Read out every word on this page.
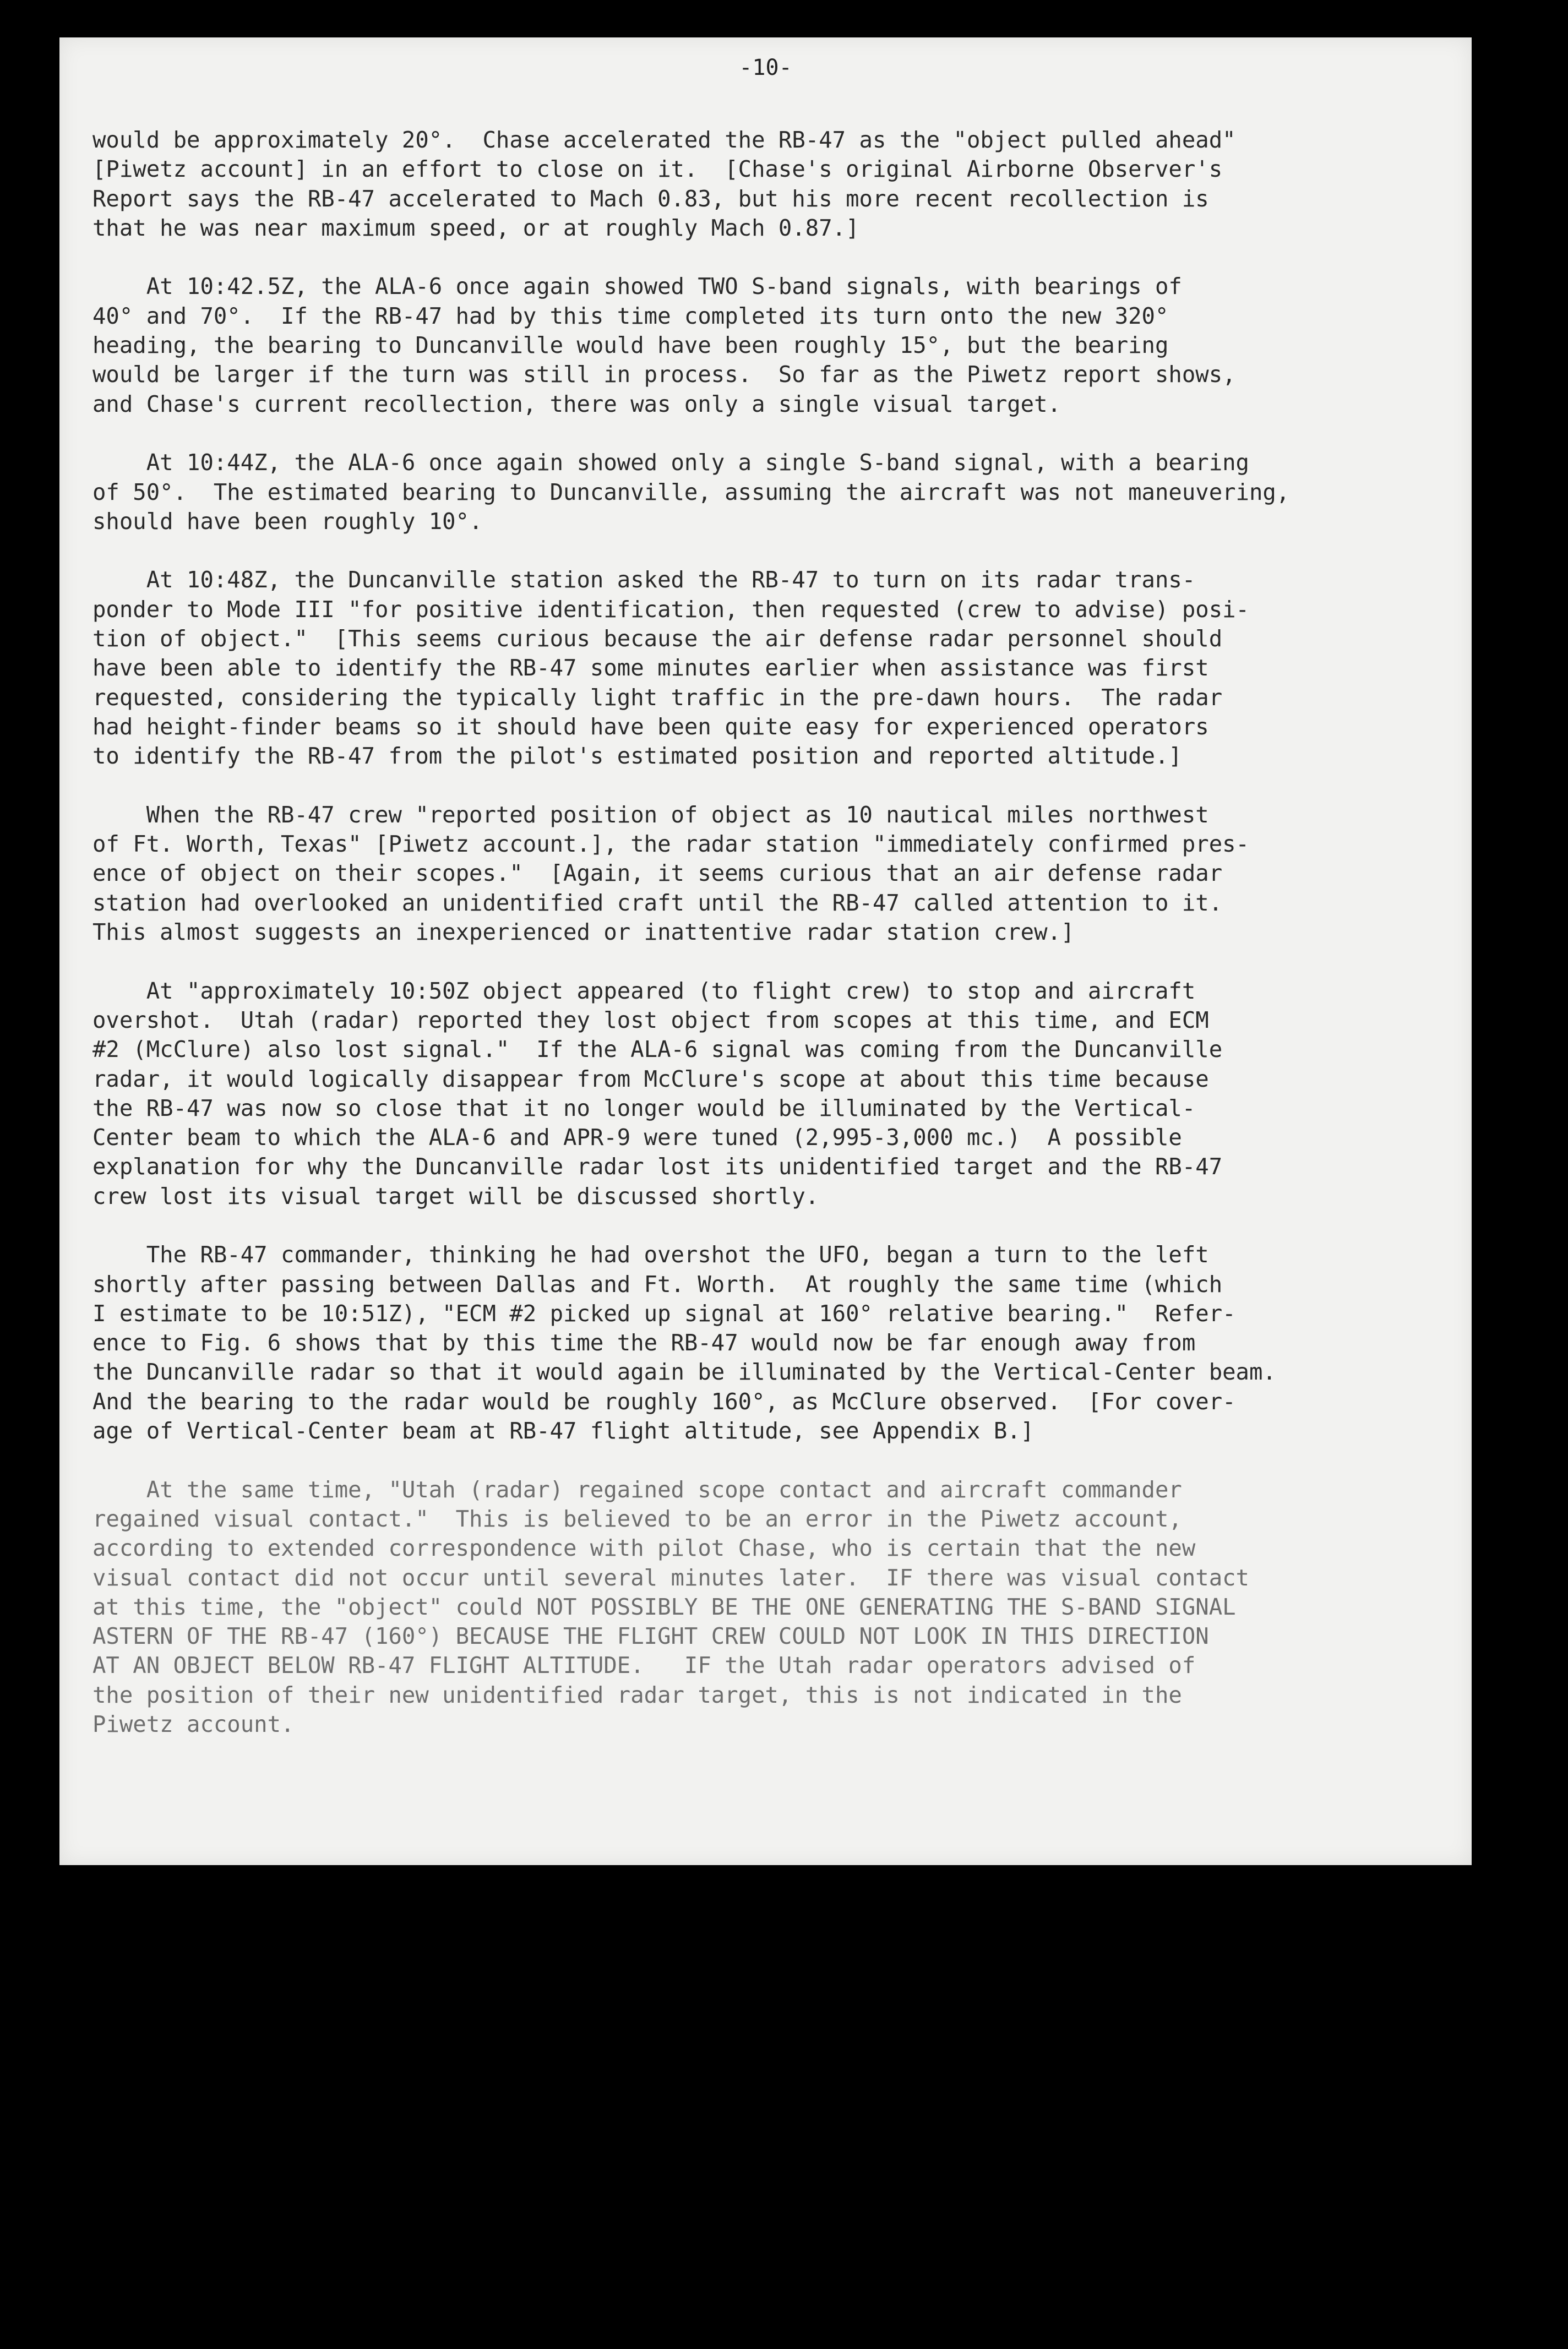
-10-
would be approximately 20°.  Chase accelerated the RB-47 as the "object pulled ahead"
[Piwetz account] in an effort to close on it.  [Chase's original Airborne Observer's
Report says the RB-47 accelerated to Mach 0.83, but his more recent recollection is
that he was near maximum speed, or at roughly Mach 0.87.]
At 10:42.5Z, the ALA-6 once again showed TWO S-band signals, with bearings of
40° and 70°.  If the RB-47 had by this time completed its turn onto the new 320°
heading, the bearing to Duncanville would have been roughly 15°, but the bearing
would be larger if the turn was still in process.  So far as the Piwetz report shows,
and Chase's current recollection, there was only a single visual target.
At 10:44Z, the ALA-6 once again showed only a single S-band signal, with a bearing
of 50°.  The estimated bearing to Duncanville, assuming the aircraft was not maneuvering,
should have been roughly 10°.
At 10:48Z, the Duncanville station asked the RB-47 to turn on its radar trans-
ponder to Mode III "for positive identification, then requested (crew to advise) posi-
tion of object."  [This seems curious because the air defense radar personnel should
have been able to identify the RB-47 some minutes earlier when assistance was first
requested, considering the typically light traffic in the pre-dawn hours.  The radar
had height-finder beams so it should have been quite easy for experienced operators
to identify the RB-47 from the pilot's estimated position and reported altitude.]
When the RB-47 crew "reported position of object as 10 nautical miles northwest
of Ft. Worth, Texas" [Piwetz account.], the radar station "immediately confirmed pres-
ence of object on their scopes."  [Again, it seems curious that an air defense radar
station had overlooked an unidentified craft until the RB-47 called attention to it.
This almost suggests an inexperienced or inattentive radar station crew.]
At "approximately 10:50Z object appeared (to flight crew) to stop and aircraft
overshot.  Utah (radar) reported they lost object from scopes at this time, and ECM
#2 (McClure) also lost signal."  If the ALA-6 signal was coming from the Duncanville
radar, it would logically disappear from McClure's scope at about this time because
the RB-47 was now so close that it no longer would be illuminated by the Vertical-
Center beam to which the ALA-6 and APR-9 were tuned (2,995-3,000 mc.)  A possible
explanation for why the Duncanville radar lost its unidentified target and the RB-47
crew lost its visual target will be discussed shortly.
The RB-47 commander, thinking he had overshot the UFO, began a turn to the left
shortly after passing between Dallas and Ft. Worth.  At roughly the same time (which
I estimate to be 10:51Z), "ECM #2 picked up signal at 160° relative bearing."  Refer-
ence to Fig. 6 shows that by this time the RB-47 would now be far enough away from
the Duncanville radar so that it would again be illuminated by the Vertical-Center beam.
And the bearing to the radar would be roughly 160°, as McClure observed.  [For cover-
age of Vertical-Center beam at RB-47 flight altitude, see Appendix B.]
At the same time, "Utah (radar) regained scope contact and aircraft commander
regained visual contact."  This is believed to be an error in the Piwetz account,
according to extended correspondence with pilot Chase, who is certain that the new
visual contact did not occur until several minutes later.  IF there was visual contact
at this time, the "object" could NOT POSSIBLY BE THE ONE GENERATING THE S-BAND SIGNAL
ASTERN OF THE RB-47 (160°) BECAUSE THE FLIGHT CREW COULD NOT LOOK IN THIS DIRECTION
AT AN OBJECT BELOW RB-47 FLIGHT ALTITUDE.   IF the Utah radar operators advised of
the position of their new unidentified radar target, this is not indicated in the
Piwetz account.
